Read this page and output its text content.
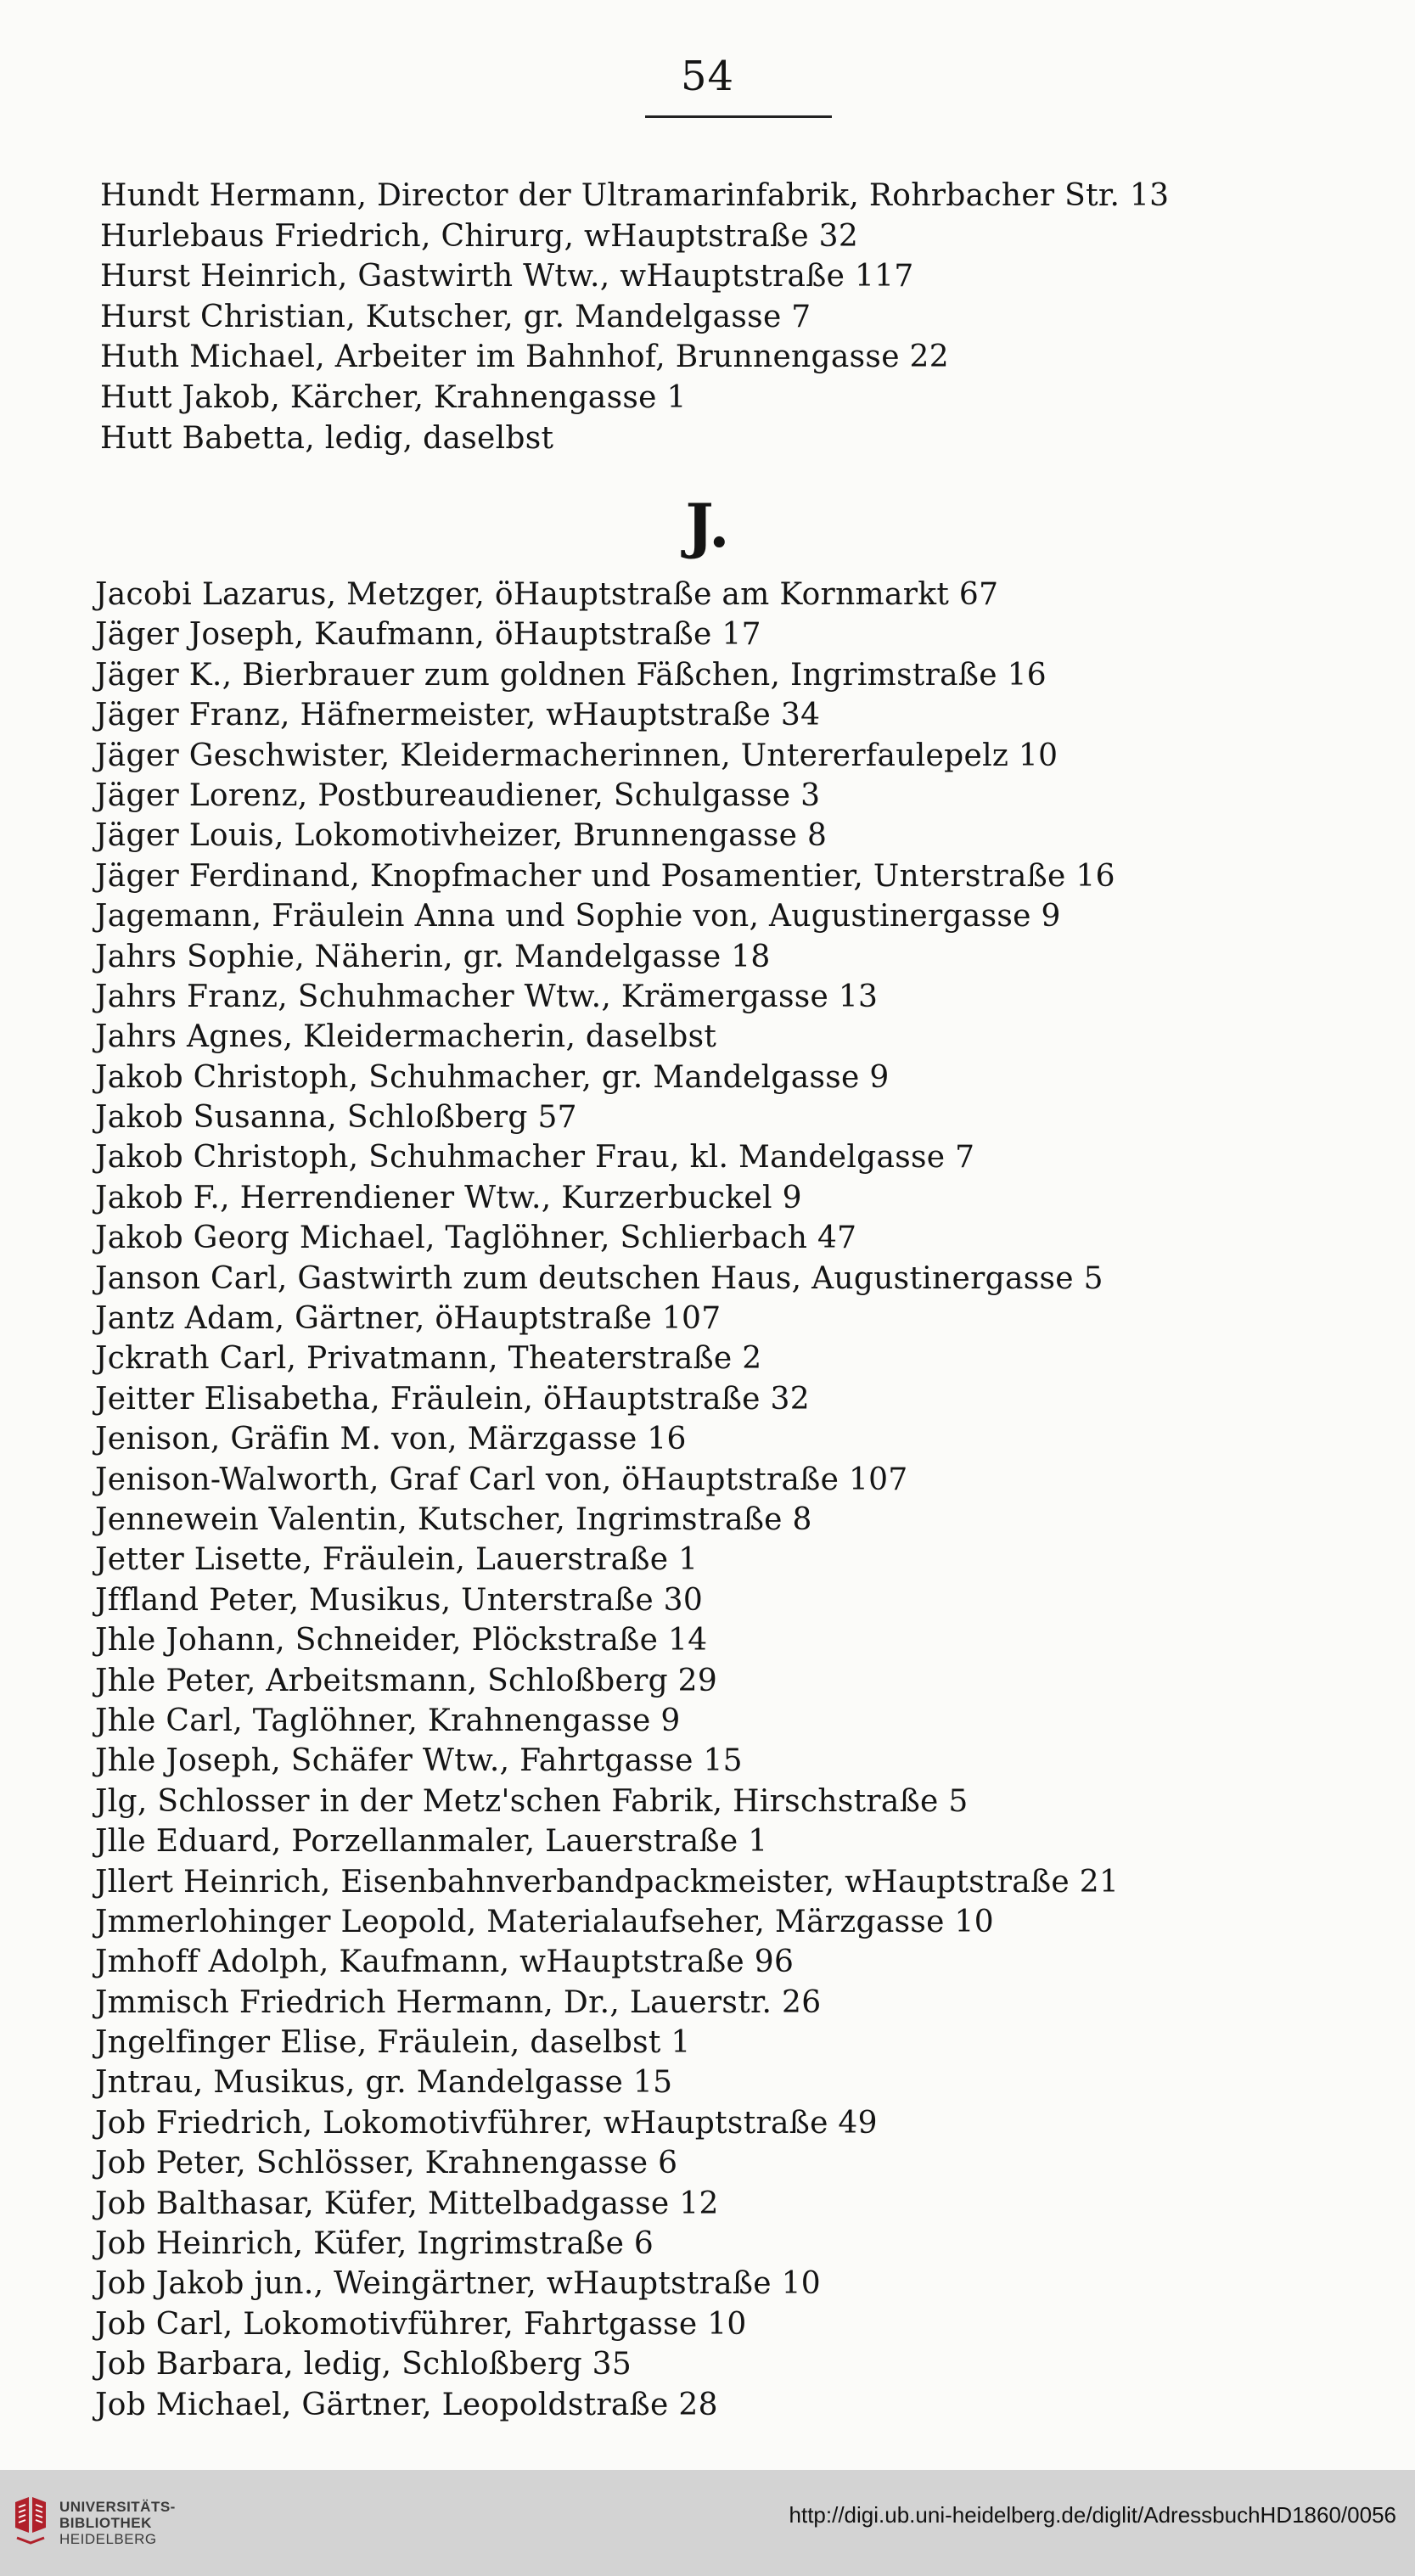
54
Hundt Hermann, Director der Ultramarinfabrik, Rohrbacher Str. 13
Hurlebaus Friedrich, Chirurg, wHauptstraße 32
Hurst Heinrich, Gastwirth Wtw., wHauptstraße 117
Hurst Christian, Kutscher, gr. Mandelgasse 7
Huth Michael, Arbeiter im Bahnhof, Brunnengasse 22
Hutt Jakob, Kärcher, Krahnengasse 1
Hutt Babetta, ledig, daselbst
J.
Jacobi Lazarus, Metzger, öHauptstraße am Kornmarkt 67
Jäger Joseph, Kaufmann, öHauptstraße 17
Jäger K., Bierbrauer zum goldnen Fäßchen, Ingrimstraße 16
Jäger Franz, Häfnermeister, wHauptstraße 34
Jäger Geschwister, Kleidermacherinnen, Untererfaulepelz 10
Jäger Lorenz, Postbureaudiener, Schulgasse 3
Jäger Louis, Lokomotivheizer, Brunnengasse 8
Jäger Ferdinand, Knopfmacher und Posamentier, Unterstraße 16
Jagemann, Fräulein Anna und Sophie von, Augustinergasse 9
Jahrs Sophie, Näherin, gr. Mandelgasse 18
Jahrs Franz, Schuhmacher Wtw., Krämergasse 13
Jahrs Agnes, Kleidermacherin, daselbst
Jakob Christoph, Schuhmacher, gr. Mandelgasse 9
Jakob Susanna, Schloßberg 57
Jakob Christoph, Schuhmacher Frau, kl. Mandelgasse 7
Jakob F., Herrendiener Wtw., Kurzerbuckel 9
Jakob Georg Michael, Taglöhner, Schlierbach 47
Janson Carl, Gastwirth zum deutschen Haus, Augustinergasse 5
Jantz Adam, Gärtner, öHauptstraße 107
Jckrath Carl, Privatmann, Theaterstraße 2
Jeitter Elisabetha, Fräulein, öHauptstraße 32
Jenison, Gräfin M. von, Märzgasse 16
Jenison-Walworth, Graf Carl von, öHauptstraße 107
Jennewein Valentin, Kutscher, Ingrimstraße 8
Jetter Lisette, Fräulein, Lauerstraße 1
Jffland Peter, Musikus, Unterstraße 30
Jhle Johann, Schneider, Plöckstraße 14
Jhle Peter, Arbeitsmann, Schloßberg 29
Jhle Carl, Taglöhner, Krahnengasse 9
Jhle Joseph, Schäfer Wtw., Fahrtgasse 15
Jlg, Schlosser in der Metz'schen Fabrik, Hirschstraße 5
Jlle Eduard, Porzellanmaler, Lauerstraße 1
Jllert Heinrich, Eisenbahnverbandpackmeister, wHauptstraße 21
Jmmerlohinger Leopold, Materialaufseher, Märzgasse 10
Jmhoff Adolph, Kaufmann, wHauptstraße 96
Jmmisch Friedrich Hermann, Dr., Lauerstr. 26
Jngelfinger Elise, Fräulein, daselbst 1
Jntrau, Musikus, gr. Mandelgasse 15
Job Friedrich, Lokomotivführer, wHauptstraße 49
Job Peter, Schlösser, Krahnengasse 6
Job Balthasar, Küfer, Mittelbadgasse 12
Job Heinrich, Küfer, Ingrimstraße 6
Job Jakob jun., Weingärtner, wHauptstraße 10
Job Carl, Lokomotivführer, Fahrtgasse 10
Job Barbara, ledig, Schloßberg 35
Job Michael, Gärtner, Leopoldstraße 28
UNIVERSITÄTS-
BIBLIOTHEK
HEIDELBERG
http://digi.ub.uni-heidelberg.de/diglit/AdressbuchHD1860/0056
